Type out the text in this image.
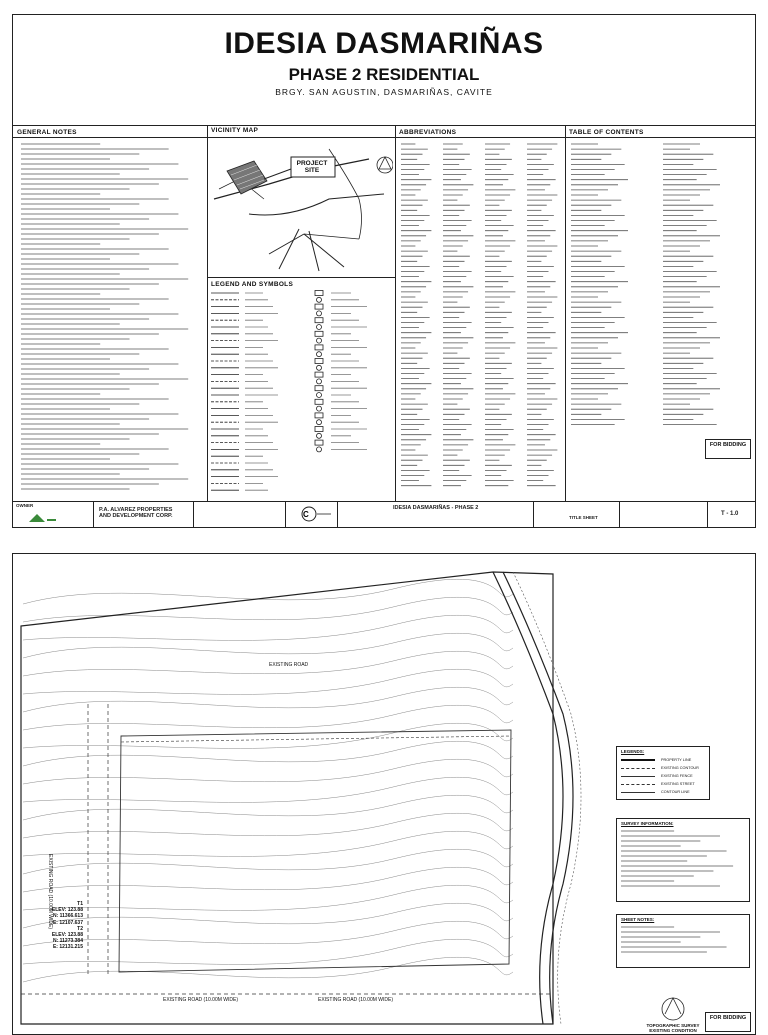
IDESIA DASMARIÑAS
PHASE 2 RESIDENTIAL
BRGY. SAN AGUSTIN, DASMARIÑAS, CAVITE
GENERAL NOTES	VICINITY MAP	ABBREVIATIONS	TABLE OF CONTENTS
LEGEND AND SYMBOLS
PROJECT SITE
FOR BIDDING
OWNER
P.A. ALVAREZ PROPERTIES
AND DEVELOPMENT CORP.	C
IDESIA DASMARIÑAS - PHASE 2
TITLE SHEET
T - 1.0
EXISTING ROAD
EXISTING ROAD (10.00M WIDE)
EXISTING ROAD (10.00M WIDE)	EXISTING ROAD (10.00M WIDE)
T1
ELEV: 123.88
N: 11366.613
E: 12107.637
T2
ELEV: 123.88
N: 11273.384
E: 12131.215
LEGENDS:
PROPERTY LINE
EXISTING CONTOUR
EXISTING FENCE
EXISTING STREET
CONTOUR LINE
SURVEY INFORMATION:
SHEET NOTES:
TOPOGRAPHIC SURVEY
EXISTING CONDITION
FOR BIDDING
